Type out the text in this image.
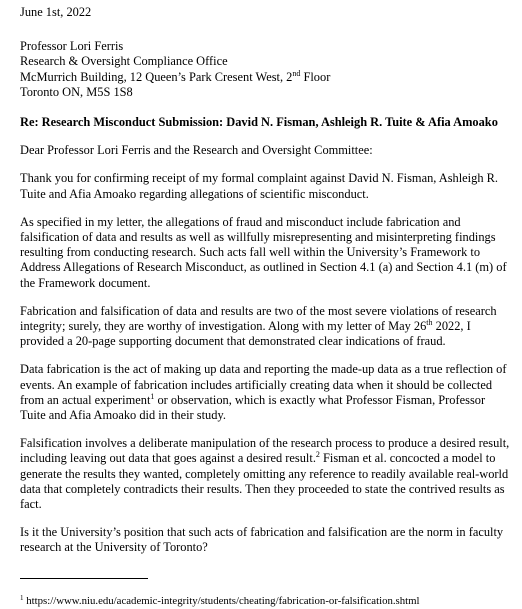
June 1st, 2022
Professor Lori Ferris
Research & Oversight Compliance Office
McMurrich Building, 12 Queen’s Park Cresent West, 2nd Floor
Toronto ON, M5S 1S8
Re: Research Misconduct Submission: David N. Fisman, Ashleigh R. Tuite & Afia Amoako
Dear Professor Lori Ferris and the Research and Oversight Committee:

Thank you for confirming receipt of my formal complaint against David N. Fisman, Ashleigh R. Tuite and Afia Amoako regarding allegations of scientific misconduct.

As specified in my letter, the allegations of fraud and misconduct include fabrication and falsification of data and results as well as willfully misrepresenting and misinterpreting findings resulting from conducting research. Such acts fall well within the University’s Framework to Address Allegations of Research Misconduct, as outlined in Section 4.1 (a) and Section 4.1 (m) of the Framework document.

Fabrication and falsification of data and results are two of the most severe violations of research integrity; surely, they are worthy of investigation. Along with my letter of May 26th 2022, I provided a 20-page supporting document that demonstrated clear indications of fraud.

Data fabrication is the act of making up data and reporting the made-up data as a true reflection of events. An example of fabrication includes artificially creating data when it should be collected from an actual experiment$^1$ or observation, which is exactly what Professor Fisman, Professor Tuite and Afia Amoako did in their study.

Falsification involves a deliberate manipulation of the research process to produce a desired result, including leaving out data that goes against a desired result.$^2$ Fisman et al. concocted a model to generate the results they wanted, completely omitting any reference to readily available real-world data that completely contradicts their results. Then they proceeded to state the contrived results as fact.

Is it the University’s position that such acts of fabrication and falsification are the norm in faculty research at the University of Toronto?

$^1$ https://www.niu.edu/academic-integrity/students/cheating/fabrication-or-falsification.shtml
